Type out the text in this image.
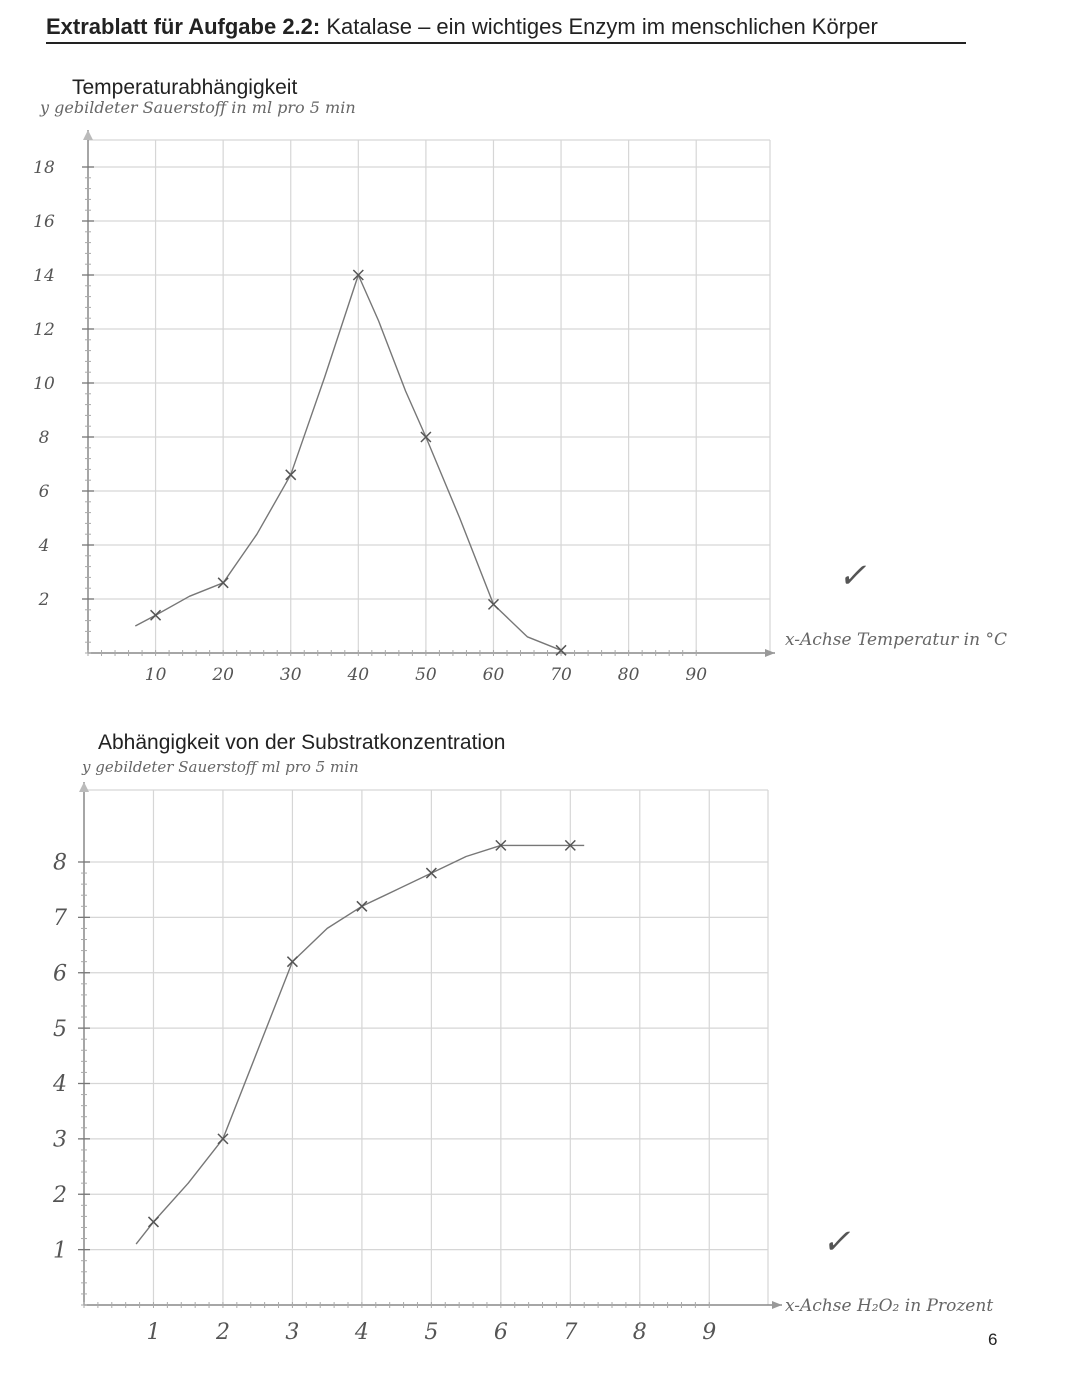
Extrablatt für Aufgabe 2.2: Katalase – ein wichtiges Enzym im menschlichen Körper
Temperaturabhängigkeit
y gebildeter Sauerstoff in ml pro 5 min
10	20	30	40	50	60	70	80	90
2
4
6
8
10
12
14
16
18
x-Achse Temperatur in °C
✓
Abhängigkeit von der Substratkonzentration
y gebildeter Sauerstoff ml pro 5 min
1	2	3	4	5	6	7	8	9
1
2
3
4
5
6
7
8
x-Achse H₂O₂ in Prozent
✓
6
